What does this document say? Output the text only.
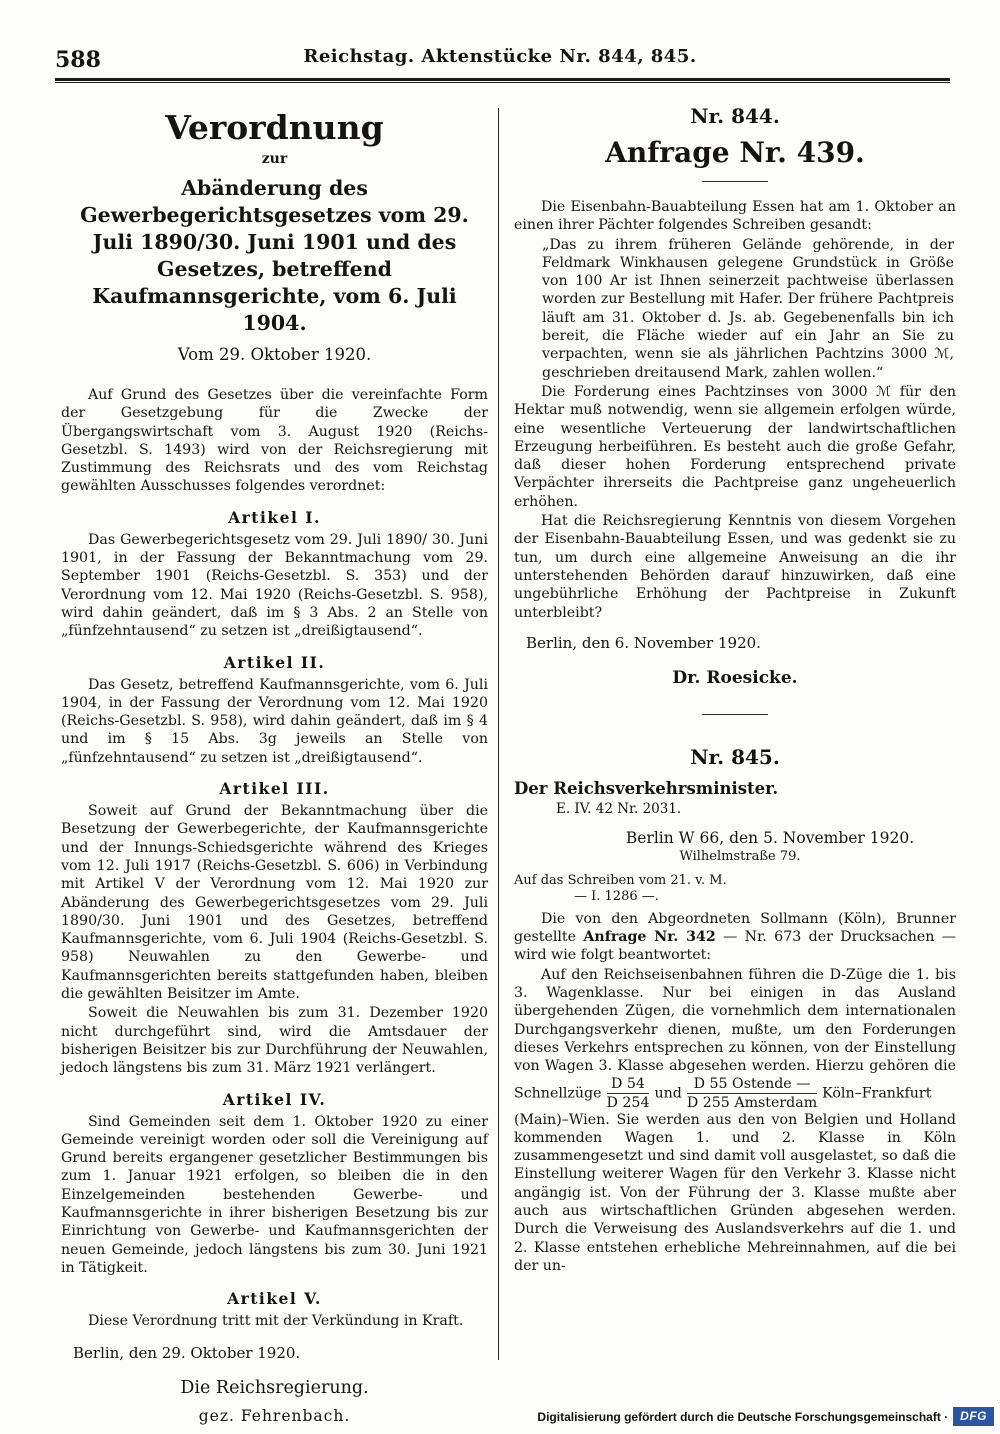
588	Reichstag. Aktenstücke Nr. 844, 845.
Verordnung
zur
Abänderung des Gewerbegerichtsgesetzes vom 29. Juli 1890/30. Juni 1901 und des Gesetzes, betreffend Kaufmannsgerichte, vom 6. Juli 1904.
Vom 29. Oktober 1920.

Auf Grund des Gesetzes über die vereinfachte Form der Gesetzgebung für die Zwecke der Übergangswirtschaft vom 3. August 1920 (Reichs-Gesetzbl. S. 1493) wird von der Reichsregierung mit Zustimmung des Reichsrats und des vom Reichstag gewählten Ausschusses folgendes verordnet:

Artikel I.

Das Gewerbegerichtsgesetz vom 29. Juli 1890/ 30. Juni 1901, in der Fassung der Bekanntmachung vom 29. September 1901 (Reichs-Gesetzbl. S. 353) und der Verordnung vom 12. Mai 1920 (Reichs-Gesetzbl. S. 958), wird dahin geändert, daß im § 3 Abs. 2 an Stelle von „fünfzehntausend“ zu setzen ist „dreißigtausend“.

Artikel II.

Das Gesetz, betreffend Kaufmannsgerichte, vom 6. Juli 1904, in der Fassung der Verordnung vom 12. Mai 1920 (Reichs-Gesetzbl. S. 958), wird dahin geändert, daß im § 4 und im § 15 Abs. 3g jeweils an Stelle von „fünfzehntausend“ zu setzen ist „dreißigtausend“.

Artikel III.

Soweit auf Grund der Bekanntmachung über die Besetzung der Gewerbegerichte, der Kaufmannsgerichte und der Innungs-Schiedsgerichte während des Krieges vom 12. Juli 1917 (Reichs-Gesetzbl. S. 606) in Verbindung mit Artikel V der Verordnung vom 12. Mai 1920 zur Abänderung des Gewerbegerichtsgesetzes vom 29. Juli 1890/30. Juni 1901 und des Gesetzes, betreffend Kaufmannsgerichte, vom 6. Juli 1904 (Reichs-Gesetzbl. S. 958) Neuwahlen zu den Gewerbe- und Kaufmannsgerichten bereits stattgefunden haben, bleiben die gewählten Beisitzer im Amte.

Soweit die Neuwahlen bis zum 31. Dezember 1920 nicht durchgeführt sind, wird die Amtsdauer der bisherigen Beisitzer bis zur Durchführung der Neuwahlen, jedoch längstens bis zum 31. März 1921 verlängert.

Artikel IV.

Sind Gemeinden seit dem 1. Oktober 1920 zu einer Gemeinde vereinigt worden oder soll die Vereinigung auf Grund bereits ergangener gesetzlicher Bestimmungen bis zum 1. Januar 1921 erfolgen, so bleiben die in den Einzelgemeinden bestehenden Gewerbe- und Kaufmannsgerichte in ihrer bisherigen Besetzung bis zur Einrichtung von Gewerbe- und Kaufmannsgerichten der neuen Gemeinde, jedoch längstens bis zum 30. Juni 1921 in Tätigkeit.

Artikel V.

Diese Verordnung tritt mit der Verkündung in Kraft.

Berlin, den 29. Oktober 1920.

Die Reichsregierung.

gez. Fehrenbach.

Nr. 844.
Anfrage Nr. 439.

Die Eisenbahn-Bauabteilung Essen hat am 1. Oktober an einen ihrer Pächter folgendes Schreiben gesandt:

„Das zu ihrem früheren Gelände gehörende, in der Feldmark Winkhausen gelegene Grundstück in Größe von 100 Ar ist Ihnen seinerzeit pachtweise überlassen worden zur Bestellung mit Hafer. Der frühere Pachtpreis läuft am 31. Oktober d. Js. ab. Gegebenenfalls bin ich bereit, die Fläche wieder auf ein Jahr an Sie zu verpachten, wenn sie als jährlichen Pachtzins 3000 ℳ, geschrieben dreitausend Mark, zahlen wollen.“

Die Forderung eines Pachtzinses von 3000 ℳ für den Hektar muß notwendig, wenn sie allgemein erfolgen würde, eine wesentliche Verteuerung der landwirtschaftlichen Erzeugung herbeiführen. Es besteht auch die große Gefahr, daß dieser hohen Forderung entsprechend private Verpächter ihrerseits die Pachtpreise ganz ungeheuerlich erhöhen.

Hat die Reichsregierung Kenntnis von diesem Vorgehen der Eisenbahn-Bauabteilung Essen, und was gedenkt sie zu tun, um durch eine allgemeine Anweisung an die ihr unterstehenden Behörden darauf hinzuwirken, daß eine ungebührliche Erhöhung der Pachtpreise in Zukunft unterbleibt?

Berlin, den 6. November 1920.

Dr. Roesicke.

Nr. 845.
Der Reichsverkehrsminister.
E. IV. 42 Nr. 2031.
Berlin W 66, den 5. November 1920.
Wilhelmstraße 79.
Auf das Schreiben vom 21. v. M.
— I. 1286 —.

Die von den Abgeordneten Sollmann (Köln), Brunner gestellte Anfrage Nr. 342 — Nr. 673 der Drucksachen — wird wie folgt beantwortet:

Auf den Reichseisenbahnen führen die D-Züge die 1. bis 3. Wagenklasse. Nur bei einigen in das Ausland übergehenden Zügen, die vornehmlich dem internationalen Durchgangsverkehr dienen, mußte, um den Forderungen dieses Verkehrs entsprechen zu können, von der Einstellung von Wagen 3. Klasse abgesehen werden. Hierzu gehören die Schnellzüge $\frac{D 54}{D 254}$ und $\frac{\text{D 55 Ostende —}}{\text{D 255 Amsterdam}}$ Köln–Frankfurt (Main)–Wien. Sie werden aus den von Belgien und Holland kommenden Wagen 1. und 2. Klasse in Köln zusammengesetzt und sind damit voll ausgelastet, so daß die Einstellung weiterer Wagen für den Verkehr 3. Klasse nicht angängig ist. Von der Führung der 3. Klasse mußte aber auch aus wirtschaftlichen Gründen abgesehen werden. Durch die Verweisung des Auslandsverkehrs auf die 1. und 2. Klasse entstehen erhebliche Mehreinnahmen, auf die bei der un-

Digitalisierung gefördert durch die Deutsche Forschungsgemeinschaft ·	DFG
